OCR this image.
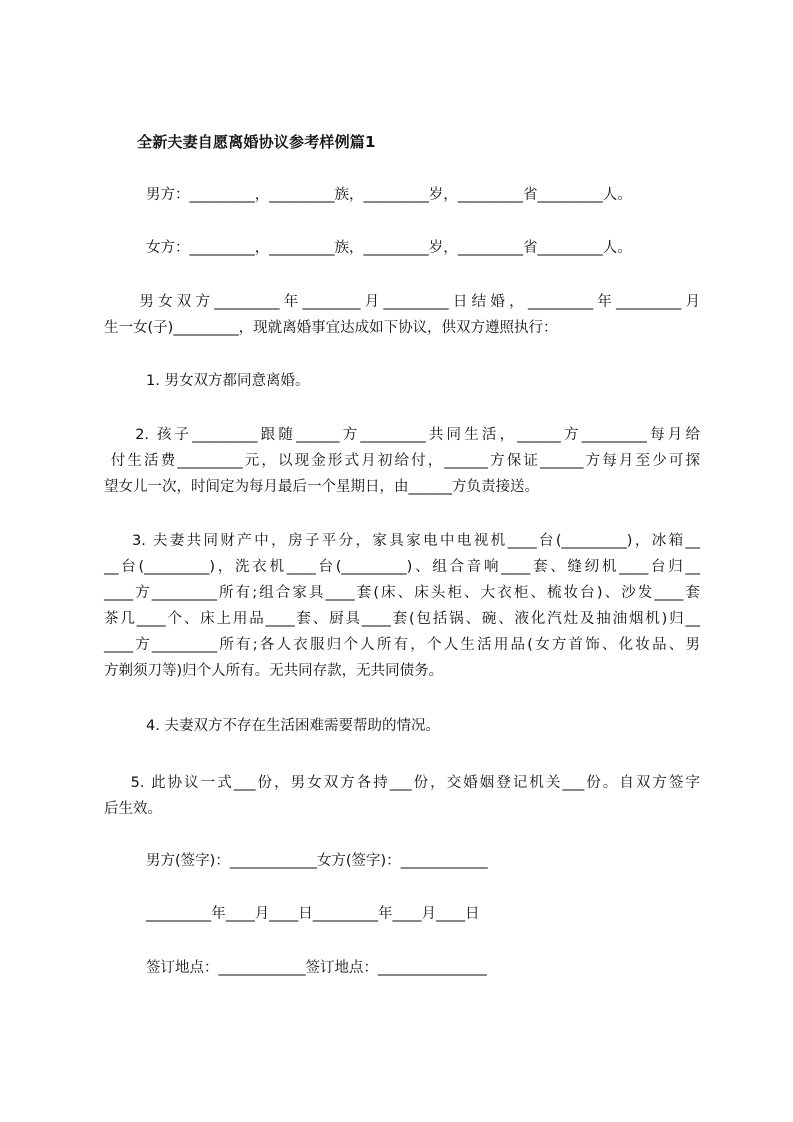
全新夫妻自愿离婚协议参考样例篇1
男方：_________，_________族，_________岁，_________省_________人。
女方：_________，_________族，_________岁，_________省_________人。
男女双方_________年________月_________日结婚，_________年_________月
生一女(子)_________，现就离婚事宜达成如下协议，供双方遵照执行：
1. 男女双方都同意离婚。
2. 孩子_________跟随______方_________共同生活，______方_________每月给
付生活费_________元，以现金形式月初给付，______方保证______方每月至少可探
望女儿一次，时间定为每月最后一个星期日，由______方负责接送。
3. 夫妻共同财产中，房子平分，家具家电中电视机____台(_________)，冰箱__
__台(_________)，洗衣机____台(_________)、组合音响____套、缝纫机____台归__
____方_________所有;组合家具____套(床、床头柜、大衣柜、梳妆台)、沙发____套
茶几____个、床上用品____套、厨具____套(包括锅、碗、液化汽灶及抽油烟机)归__
____方_________所有;各人衣服归个人所有，个人生活用品(女方首饰、化妆品、男
方剃须刀等)归个人所有。无共同存款，无共同债务。
4. 夫妻双方不存在生活困难需要帮助的情况。
5. 此协议一式___份，男女双方各持___份，交婚姻登记机关___份。自双方签字
后生效。
男方(签字)：____________女方(签字)：____________
_________年____月____日_________年____月____日
签订地点：____________签订地点：_______________
